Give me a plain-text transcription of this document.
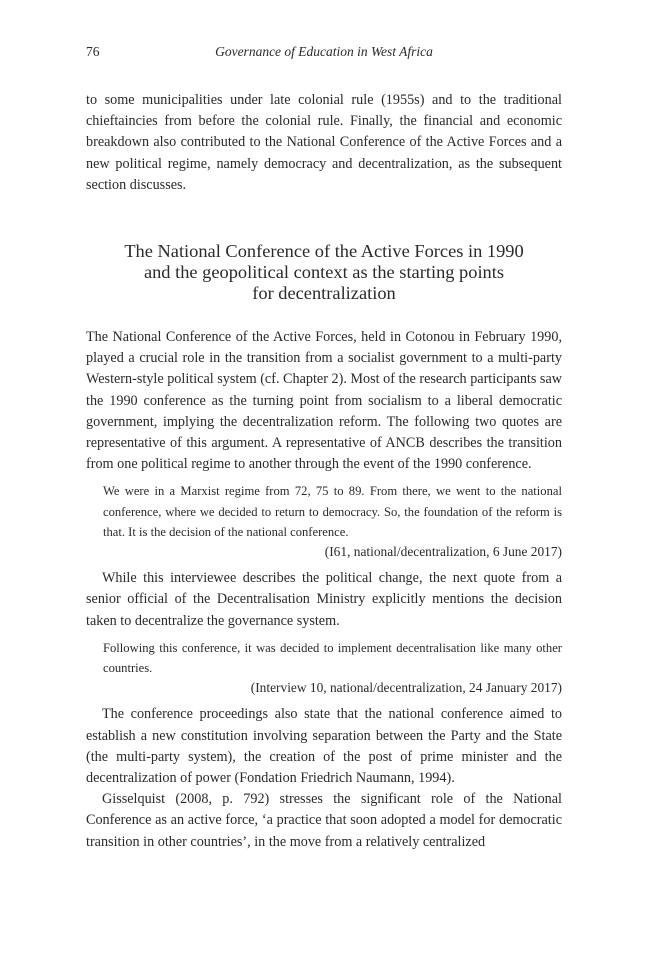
76	Governance of Education in West Africa

to some municipalities under late colonial rule (1955s) and to the traditional chieftaincies from before the colonial rule. Finally, the financial and economic breakdown also contributed to the National Conference of the Active Forces and a new political regime, namely democracy and decentralization, as the subsequent section discusses.

The National Conference of the Active Forces in 1990
and the geopolitical context as the starting points
for decentralization

The National Conference of the Active Forces, held in Cotonou in February 1990, played a crucial role in the transition from a socialist government to a multi-party Western-style political system (cf. Chapter 2). Most of the research participants saw the 1990 conference as the turning point from socialism to a liberal democratic government, implying the decentralization reform. The following two quotes are representative of this argument. A representative of ANCB describes the transition from one political regime to another through the event of the 1990 conference.

We were in a Marxist regime from 72, 75 to 89. From there, we went to the national conference, where we decided to return to democracy. So, the foundation of the reform is that. It is the decision of the national conference.
(I61, national/decentralization, 6 June 2017)

While this interviewee describes the political change, the next quote from a senior official of the Decentralisation Ministry explicitly mentions the decision taken to decentralize the governance system.

Following this conference, it was decided to implement decentralisation like many other countries.
(Interview 10, national/decentralization, 24 January 2017)

The conference proceedings also state that the national conference aimed to establish a new constitution involving separation between the Party and the State (the multi-party system), the creation of the post of prime minister and the decentralization of power (Fondation Friedrich Naumann, 1994).

Gisselquist (2008, p. 792) stresses the significant role of the National Conference as an active force, ‘a practice that soon adopted a model for democratic transition in other countries’, in the move from a relatively centralized
